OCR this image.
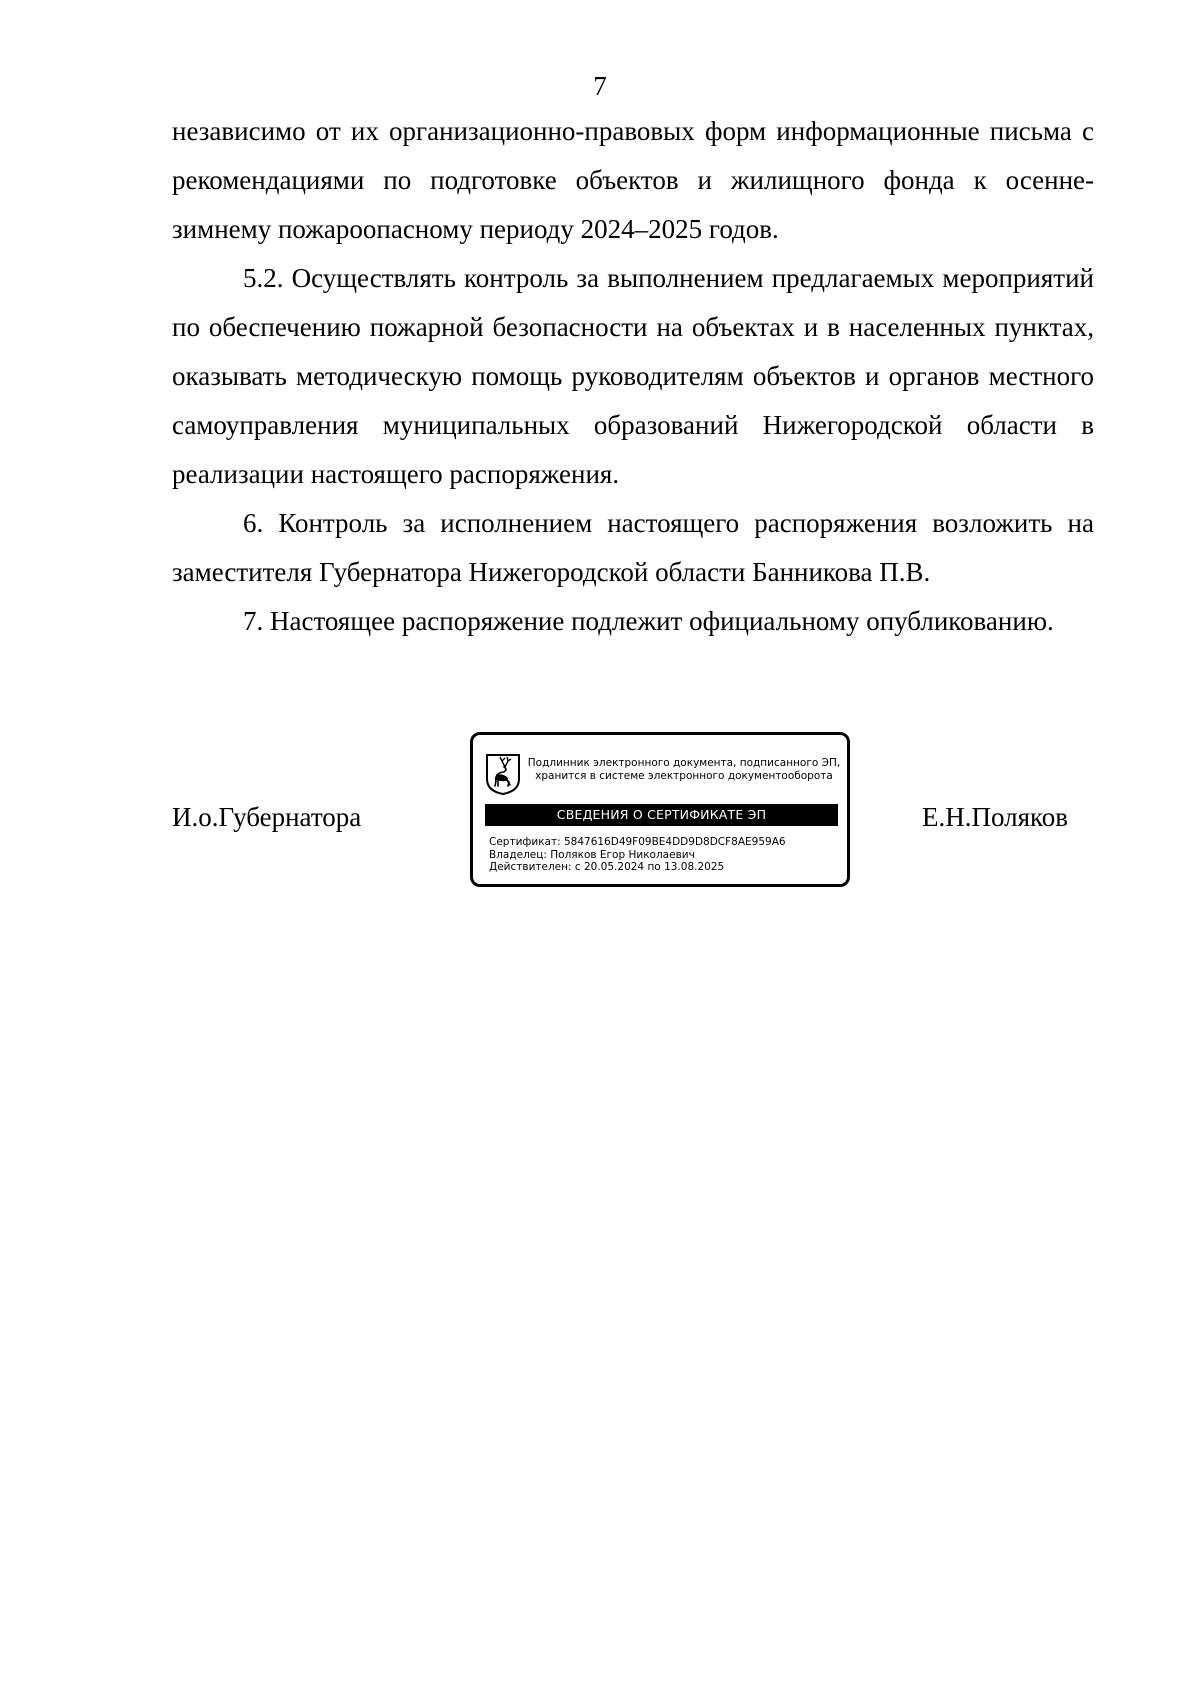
7

независимо от их организационно-правовых форм информационные письма с рекомендациями по подготовке объектов и жилищного фонда к осенне-зимнему пожароопасному периоду 2024–2025 годов.

5.2. Осуществлять контроль за выполнением предлагаемых мероприятий по обеспечению пожарной безопасности на объектах и в населенных пунктах, оказывать методическую помощь руководителям объектов и органов местного самоуправления муниципальных образований Нижегородской области в реализации настоящего распоряжения.

6. Контроль за исполнением настоящего распоряжения возложить на заместителя Губернатора Нижегородской области Банникова П.В.

7. Настоящее распоряжение подлежит официальному опубликованию.

И.о.Губернатора
Подлинник электронного документа, подписанного ЭП,
хранится в системе электронного документооборота
СВЕДЕНИЯ О СЕРТИФИКАТЕ ЭП
Сертификат: 5847616D49F09BE4DD9D8DCF8AE959A6
Владелец: Поляков Егор Николаевич
Действителен: с 20.05.2024 по 13.08.2025
Е.Н.Поляков
